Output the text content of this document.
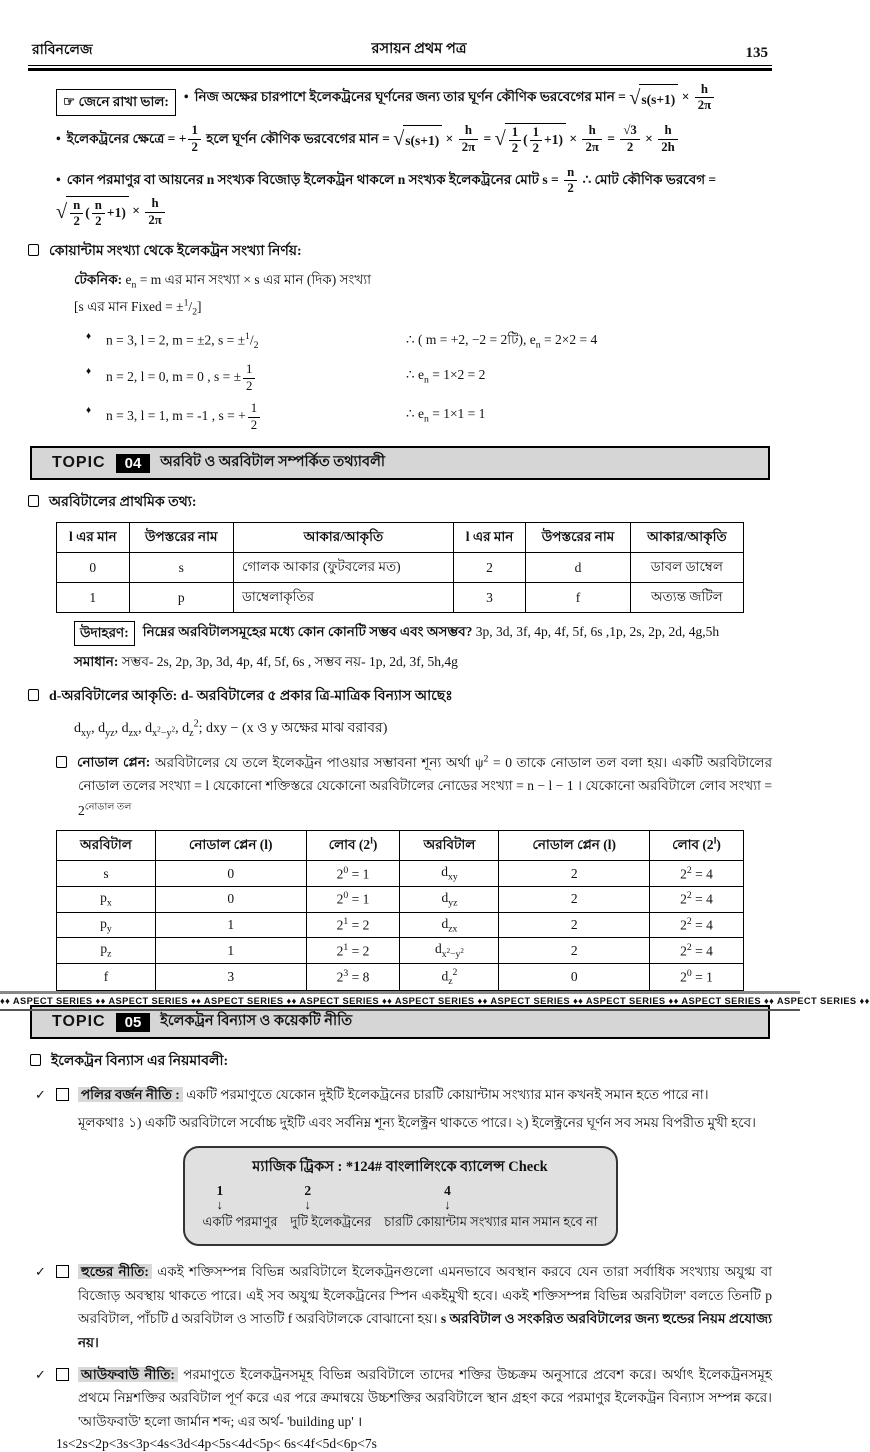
রাবিনলেজ	রসায়ন প্রথম পত্র	135
☞ জেনে রাখা ভাল:	• নিজ অক্ষের চারপাশে ইলেকট্রনের ঘূর্ণনের জন্য তার ঘূর্ণন কৌণিক ভরবেগের মান = √ $s(s+1) \times \frac{h}{2\pi}$
• ইলেকট্রনের ক্ষেত্রে = + $\frac{1}{2}$ হলে ঘূর্ণন কৌণিক ভরবেগের মান = √ $s(s+1) \times \frac{h}{2\pi}$ = √ $\frac{1}{2}$ ( $\frac{1}{2} +1) \times \frac{h}{2\pi} = \frac{√3}{2} \times \frac{h}{2h}$
• কোন পরমাণুর বা আয়নের n সংখ্যক বিজোড় ইলেকট্রন থাকলে n সংখ্যক ইলেকট্রনের মোট $s = \frac{n}{2}$ ∴ মোট কৌণিক ভরবেগ =
√ $\frac{n}{2}$ ( $\frac{n}{2} +1) \times \frac{h}{2\pi}$
কোয়ান্টাম সংখ্যা থেকে ইলেকট্রন সংখ্যা নির্ণয়:
টেকনিক: $e_n = m$ এর মান সংখ্যা × s এর মান (দিক) সংখ্যা
[s এর মান Fixed = $\pm^1/_2$]
♦	n = 3, l = 2, m = ±2, $s = \pm^1/_2$	∴ ( m = +2, −2 = 2টি), $e_n = 2\times 2 = 4$
♦	n = 2, l = 0, m = 0 , s = ± $\frac{1}{2}$	∴ $e_n = 1\times 2 = 2$
♦	n = 3, l = 1, m = -1 , s = + $\frac{1}{2}$	∴ $e_n = 1\times 1 = 1$
TOPIC	04	অরবিট ও অরবিটাল সম্পর্কিত তথ্যাবলী
অরবিটালের প্রাথমিক তথ্য:
l এর মান	উপস্তরের নাম	আকার/আকৃতি	l এর মান	উপস্তরের নাম	আকার/আকৃতি
0	s	গোলক আকার (ফুটবলের মত)	2	d	ডাবল ডাম্বেল
1	p	ডাম্বেলাকৃতির	3	f	অত্যন্ত জটিল
উদাহরণ:	নিম্নের অরবিটালসমূহের মধ্যে কোন কোনটি সম্ভব এবং অসম্ভব? 3p, 3d, 3f, 4p, 4f, 5f, 6s ,1p, 2s, 2p, 2d, 4g,5h
সমাধান: সম্ভব- 2s, 2p, 3p, 3d, 4p, 4f, 5f, 6s , সম্ভব নয়- 1p, 2d, 3f, 5h,4g
d-অরবিটালের আকৃতি: d- অরবিটালের ৫ প্রকার ত্রি-মাত্রিক বিন্যাস আছেঃ
$d_{xy}$, $d_{yz}$, $d_{zx}$, $d_{x^2-y^2}$, $d_z^2$; dxy − (x ও y অক্ষের মাঝ বরাবর)
নোডাল প্লেন: অরবিটালের যে তলে ইলেকট্রন পাওয়ার সম্ভাবনা শূন্য অর্থা $\psi^2 = 0$ তাকে নোডাল তল বলা হয়। একটি অরবিটালের নোডাল তলের সংখ্যা = l যেকোনো শক্তিস্তরে যেকোনো অরবিটালের নোডের সংখ্যা = n − l − 1 । যেকোনো অরবিটালে লোব সংখ্যা = $2^{নোডাল তল}$
অরবিটাল	নোডাল প্লেন (l)	লোব (2$^l$)	অরবিটাল	নোডাল প্লেন (l)	লোব (2$^l$)
s	0	$2^0 = 1$	$d_{xy}$	2	$2^2 = 4$
$p_x$	0	$2^0 = 1$	$d_{yz}$	2	$2^2 = 4$
$p_y$	1	$2^1 = 2$	$d_{zx}$	2	$2^2 = 4$
$p_z$	1	$2^1 = 2$	$d_{x^2-y^2}$	2	$2^2 = 4$
f	3	$2^3 = 8$	$d_z^2$	0	$2^0 = 1$
TOPIC	05	ইলেকট্রন বিন্যাস ও কয়েকটি নীতি
ইলেকট্রন বিন্যাস এর নিয়মাবলী:
✓পলির বর্জন নীতি : একটি পরমাণুতে যেকোন দুইটি ইলেকট্রনের চারটি কোয়ান্টাম সংখ্যার মান কখনই সমান হতে পারে না।
মূলকথাঃ ১) একটি অরবিটালে সর্বোচ্চ দুইটি এবং সর্বনিম্ন শূন্য ইলেক্ট্রন থাকতে পারে। ২) ইলেক্ট্রনের ঘূর্ণন সব সময় বিপরীত মুখী হবে।
ম্যাজিক ট্রিকস : *124# বাংলালিংকে ব্যালেন্স Check
1
↓
একটি পরমাণুর
2
↓
দুটি ইলেকট্রনের
4
↓
চারটি কোয়ান্টাম সংখ্যার মান সমান হবে না
✓হুন্ডের নীতি: একই শক্তিসম্পন্ন বিভিন্ন অরবিটালে ইলেকট্রনগুলো এমনভাবে অবস্থান করবে যেন তারা সর্বাধিক সংখ্যায় অযুগ্ম বা বিজোড় অবস্থায় থাকতে পারে। এই সব অযুগ্ম ইলেকট্রনের স্পিন একইমুখী হবে। একই শক্তিসম্পন্ন বিভিন্ন অরবিটাল' বলতে তিনটি p অরবিটাল, পাঁচটি d অরবিটাল ও সাতটি f অরবিটালকে বোঝানো হয়। s অরবিটাল ও সংকরিত অরবিটালের জন্য হুন্ডের নিয়ম প্রযোজ্য নয়।
✓আউফবাউ নীতি: পরমাণুতে ইলেকট্রনসমূহ বিভিন্ন অরবিটালে তাদের শক্তির উচ্চক্রম অনুসারে প্রবেশ করে। অর্থাৎ ইলেকট্রনসমূহ প্রথমে নিম্নশক্তির অরবিটাল পূর্ণ করে এর পরে ক্রমান্বয়ে উচ্চশক্তির অরবিটালে স্থান গ্রহণ করে পরমাণুর ইলেকট্রন বিন্যাস সম্পন্ন করে। 'আউফবাউ' হলো জার্মান শব্দ; এর অর্থ- 'building up' ।
1s<2s<2p<3s<3p<4s<3d<4p<5s<4d<5p< 6s<4f<5d<6p<7s
♦♦ ASPECT SERIES ♦♦ ASPECT SERIES ♦♦ ASPECT SERIES ♦♦ ASPECT SERIES ♦♦ ASPECT SERIES ♦♦ ASPECT SERIES ♦♦ ASPECT SERIES ♦♦ ASPECT SERIES ♦♦ ASPECT SERIES ♦♦
